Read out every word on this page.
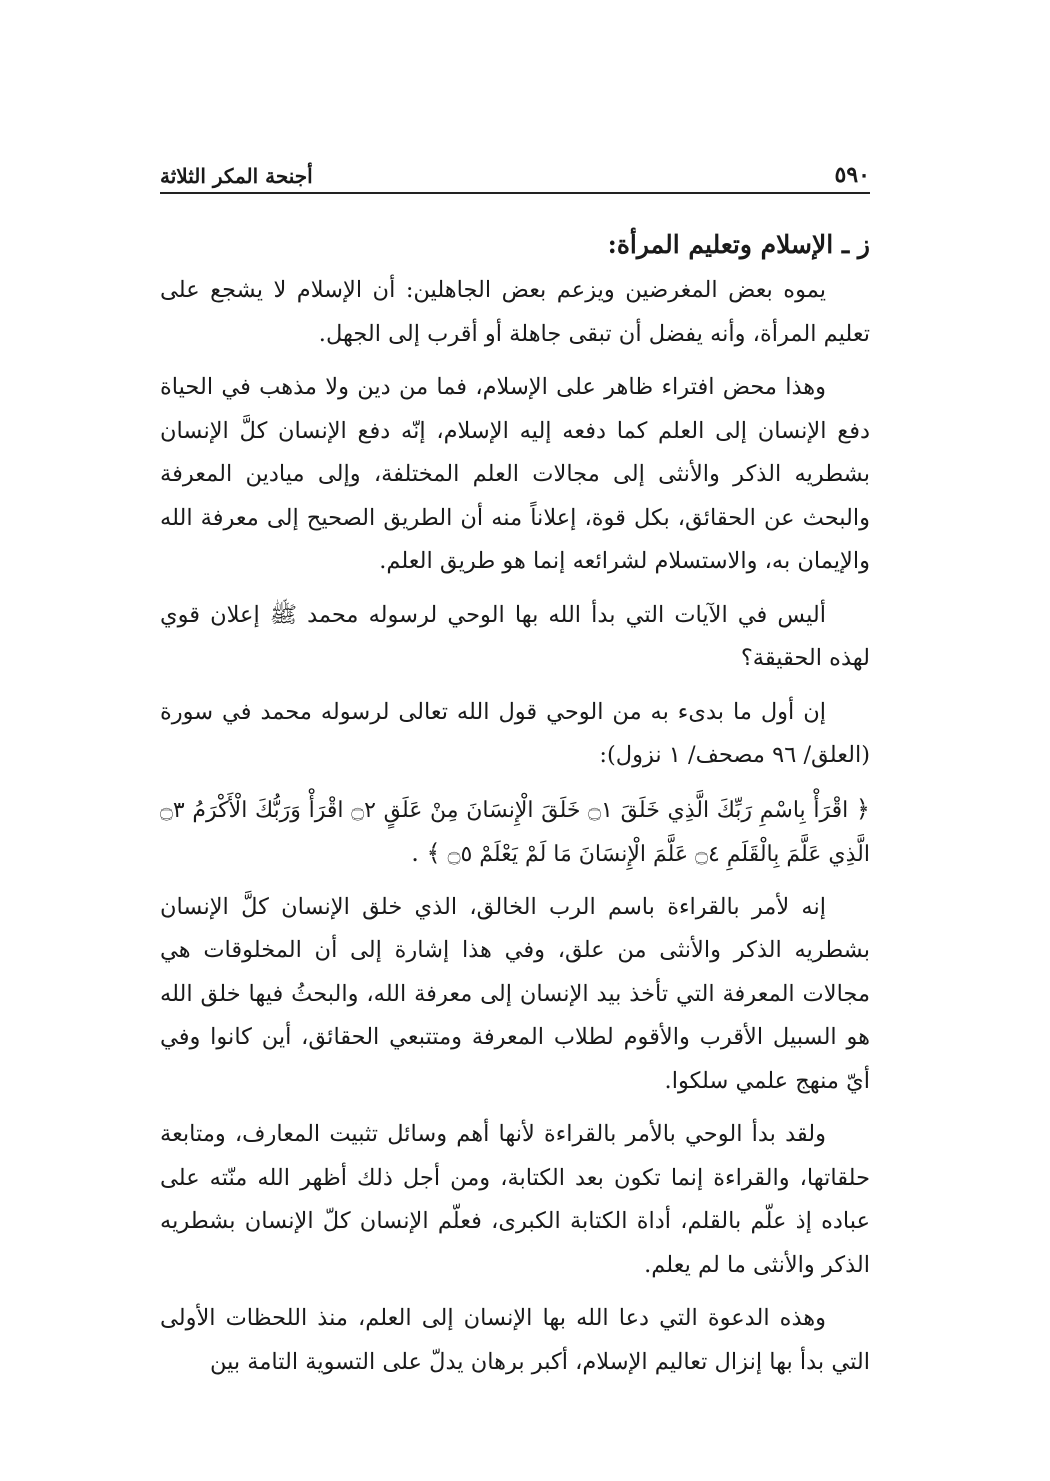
٥٩٠
أجنحة المكر الثلاثة
ز ـ الإسلام وتعليم المرأة:

يموه بعض المغرضين ويزعم بعض الجاهلين: أن الإسلام لا يشجع على تعليم المرأة، وأنه يفضل أن تبقى جاهلة أو أقرب إلى الجهل.

وهذا محض افتراء ظاهر على الإسلام، فما من دين ولا مذهب في الحياة دفع الإنسان إلى العلم كما دفعه إليه الإسلام، إنّه دفع الإنسان كلَّ الإنسان بشطريه الذكر والأنثى إلى مجالات العلم المختلفة، وإلى ميادين المعرفة والبحث عن الحقائق، بكل قوة، إعلاناً منه أن الطريق الصحيح إلى معرفة الله والإيمان به، والاستسلام لشرائعه إنما هو طريق العلم.

أليس في الآيات التي بدأ الله بها الوحي لرسوله محمد ﷺ إعلان قوي لهذه الحقيقة؟

إن أول ما بدىء به من الوحي قول الله تعالى لرسوله محمد في سورة (العلق/ ٩٦ مصحف/ ١ نزول):

﴿ اقْرَأْ بِاسْمِ رَبِّكَ الَّذِي خَلَقَ ۝١ خَلَقَ الْإِنسَانَ مِنْ عَلَقٍ ۝٢ اقْرَأْ وَرَبُّكَ الْأَكْرَمُ ۝٣ الَّذِي عَلَّمَ بِالْقَلَمِ ۝٤ عَلَّمَ الْإِنسَانَ مَا لَمْ يَعْلَمْ ۝٥ ﴾ .

إنه لأمر بالقراءة باسم الرب الخالق، الذي خلق الإنسان كلَّ الإنسان بشطريه الذكر والأنثى من علق، وفي هذا إشارة إلى أن المخلوقات هي مجالات المعرفة التي تأخذ بيد الإنسان إلى معرفة الله، والبحثُ فيها خلق الله هو السبيل الأقرب والأقوم لطلاب المعرفة ومتتبعي الحقائق، أين كانوا وفي أيّ منهج علمي سلكوا.

ولقد بدأ الوحي بالأمر بالقراءة لأنها أهم وسائل تثبيت المعارف، ومتابعة حلقاتها، والقراءة إنما تكون بعد الكتابة، ومن أجل ذلك أظهر الله منّته على عباده إذ علّم بالقلم، أداة الكتابة الكبرى، فعلّم الإنسان كلّ الإنسان بشطريه الذكر والأنثى ما لم يعلم.

وهذه الدعوة التي دعا الله بها الإنسان إلى العلم، منذ اللحظات الأولى التي بدأ بها إنزال تعاليم الإسلام، أكبر برهان يدلّ على التسوية التامة بين
